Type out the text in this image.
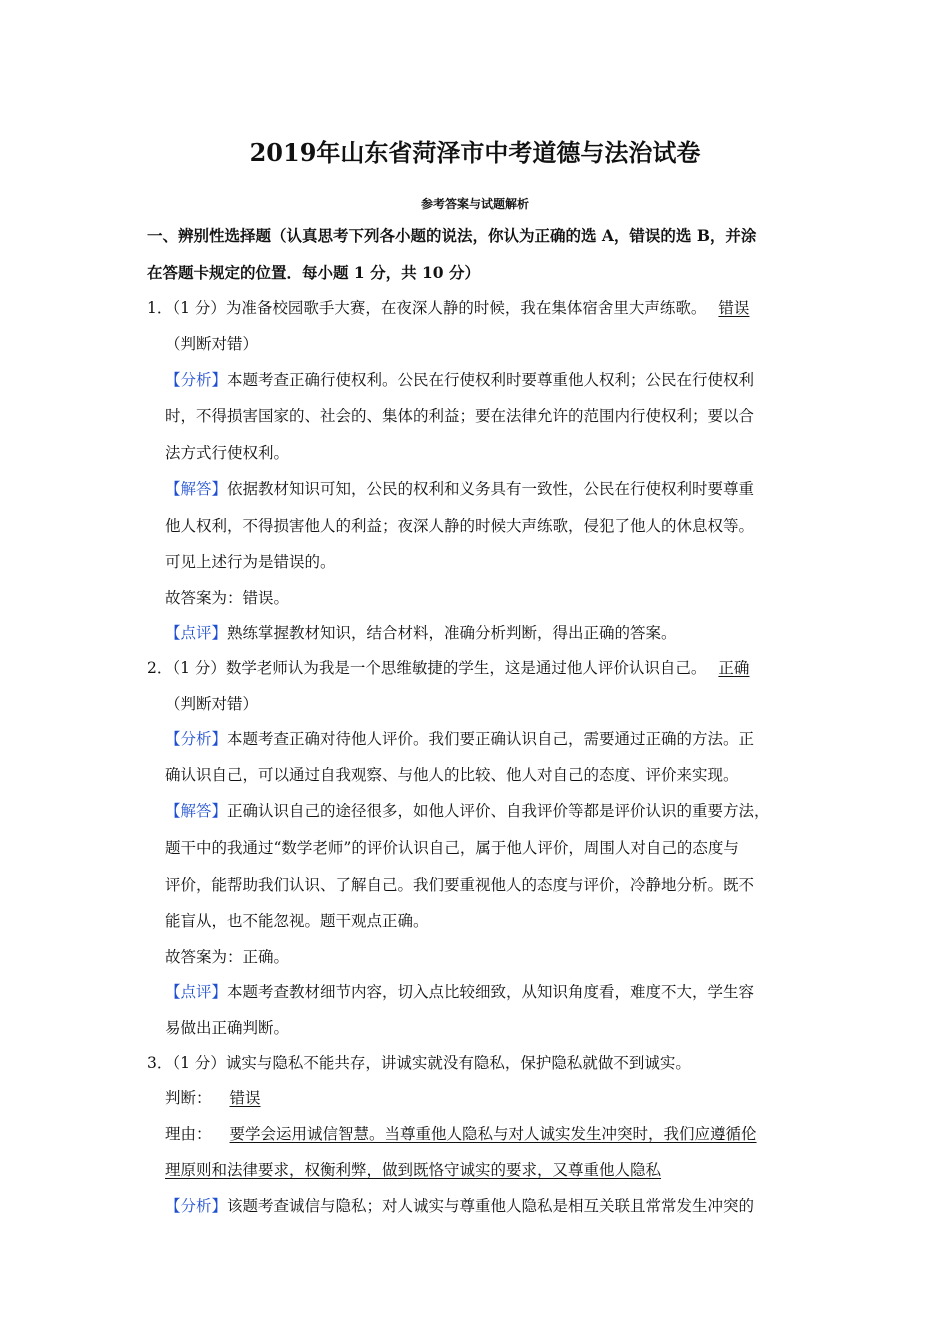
2019年山东省菏泽市中考道德与法治试卷
参考答案与试题解析
一、辨别性选择题（认真思考下列各小题的说法，你认为正确的选 A，错误的选 B，并涂
在答题卡规定的位置．每小题 1 分，共 10 分）
1．（1 分）为准备校园歌手大赛，在夜深人静的时候，我在集体宿舍里大声练歌。 错误
（判断对错）
【分析】本题考查正确行使权利。公民在行使权利时要尊重他人权利；公民在行使权利
时，不得损害国家的、社会的、集体的利益；要在法律允许的范围内行使权利；要以合
法方式行使权利。
【解答】依据教材知识可知，公民的权利和义务具有一致性，公民在行使权利时要尊重
他人权利，不得损害他人的利益；夜深人静的时候大声练歌，侵犯了他人的休息权等。
可见上述行为是错误的。
故答案为：错误。
【点评】熟练掌握教材知识，结合材料，准确分析判断，得出正确的答案。
2．（1 分）数学老师认为我是一个思维敏捷的学生，这是通过他人评价认识自己。 正确
（判断对错）
【分析】本题考查正确对待他人评价。我们要正确认识自己，需要通过正确的方法。正
确认识自己，可以通过自我观察、与他人的比较、他人对自己的态度、评价来实现。
【解答】正确认识自己的途径很多，如他人评价、自我评价等都是评价认识的重要方法，
题干中的我通过“数学老师”的评价认识自己，属于他人评价，周围人对自己的态度与
评价，能帮助我们认识、了解自己。我们要重视他人的态度与评价，冷静地分析。既不
能盲从，也不能忽视。题干观点正确。
故答案为：正确。
【点评】本题考查教材细节内容，切入点比较细致，从知识角度看，难度不大，学生容
易做出正确判断。
3．（1 分）诚实与隐私不能共存，讲诚实就没有隐私，保护隐私就做不到诚实。
判断： 错误
理由： 要学会运用诚信智慧。当尊重他人隐私与对人诚实发生冲突时，我们应遵循伦
理原则和法律要求，权衡利弊，做到既恪守诚实的要求，又尊重他人隐私
【分析】该题考查诚信与隐私；对人诚实与尊重他人隐私是相互关联且常常发生冲突的
